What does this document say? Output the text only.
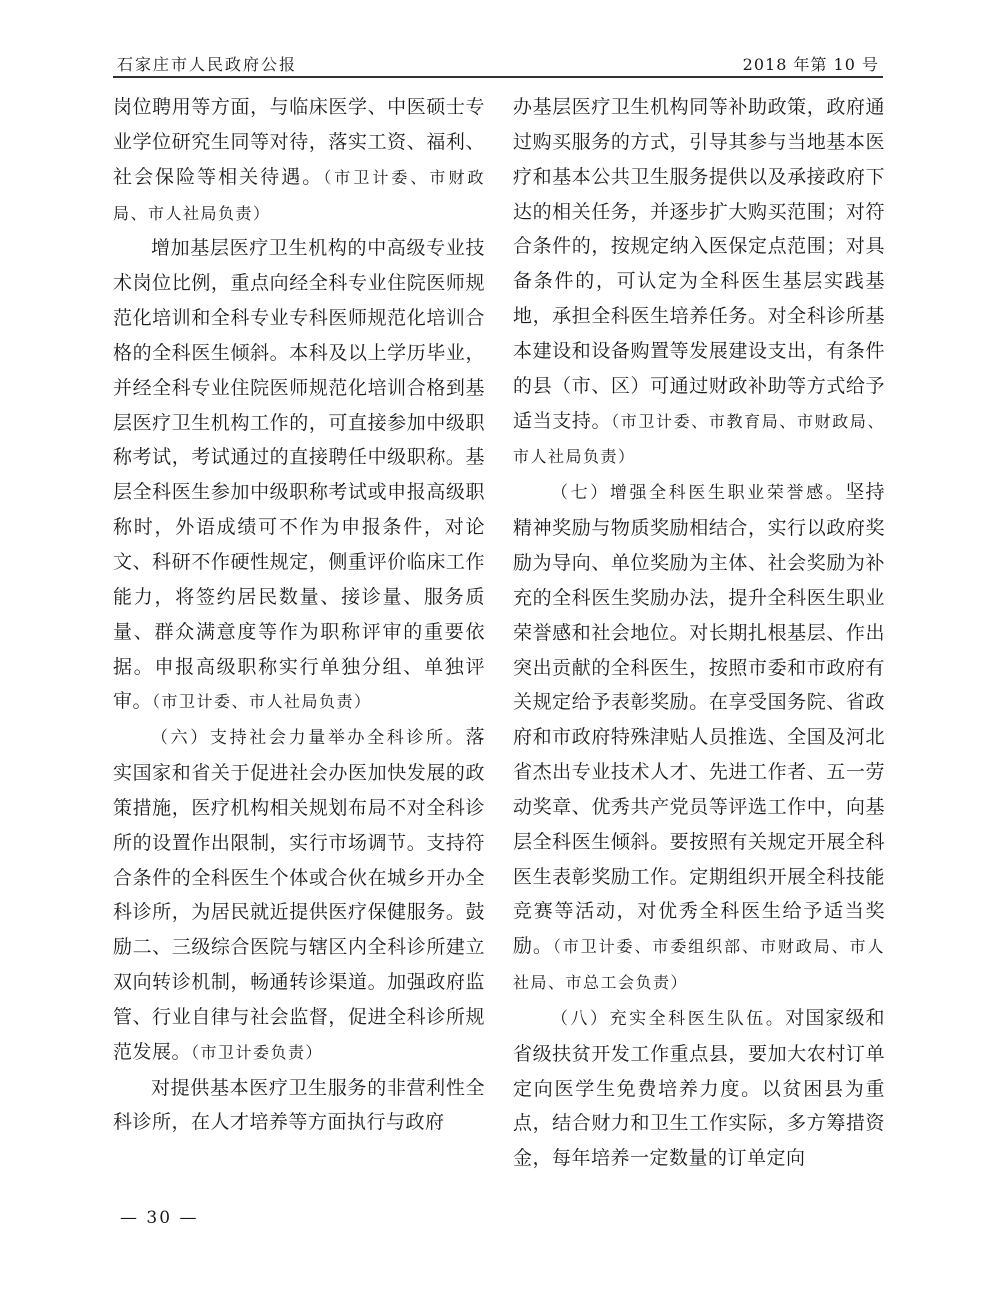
石家庄市人民政府公报	2018 年第 10 号

岗位聘用等方面，与临床医学、中医硕士专业学位研究生同等对待，落实工资、福利、社会保险等相关待遇。（市卫计委、市财政局、市人社局负责）

增加基层医疗卫生机构的中高级专业技术岗位比例，重点向经全科专业住院医师规范化培训和全科专业专科医师规范化培训合格的全科医生倾斜。本科及以上学历毕业，并经全科专业住院医师规范化培训合格到基层医疗卫生机构工作的，可直接参加中级职称考试，考试通过的直接聘任中级职称。基层全科医生参加中级职称考试或申报高级职称时，外语成绩可不作为申报条件，对论文、科研不作硬性规定，侧重评价临床工作能力，将签约居民数量、接诊量、服务质量、群众满意度等作为职称评审的重要依据。申报高级职称实行单独分组、单独评审。（市卫计委、市人社局负责）

（六）支持社会力量举办全科诊所。落实国家和省关于促进社会办医加快发展的政策措施，医疗机构相关规划布局不对全科诊所的设置作出限制，实行市场调节。支持符合条件的全科医生个体或合伙在城乡开办全科诊所，为居民就近提供医疗保健服务。鼓励二、三级综合医院与辖区内全科诊所建立双向转诊机制，畅通转诊渠道。加强政府监管、行业自律与社会监督，促进全科诊所规范发展。（市卫计委负责）

对提供基本医疗卫生服务的非营利性全科诊所，在人才培养等方面执行与政府

办基层医疗卫生机构同等补助政策，政府通过购买服务的方式，引导其参与当地基本医疗和基本公共卫生服务提供以及承接政府下达的相关任务，并逐步扩大购买范围；对符合条件的，按规定纳入医保定点范围；对具备条件的，可认定为全科医生基层实践基地，承担全科医生培养任务。对全科诊所基本建设和设备购置等发展建设支出，有条件的县（市、区）可通过财政补助等方式给予适当支持。（市卫计委、市教育局、市财政局、市人社局负责）

（七）增强全科医生职业荣誉感。坚持精神奖励与物质奖励相结合，实行以政府奖励为导向、单位奖励为主体、社会奖励为补充的全科医生奖励办法，提升全科医生职业荣誉感和社会地位。对长期扎根基层、作出突出贡献的全科医生，按照市委和市政府有关规定给予表彰奖励。在享受国务院、省政府和市政府特殊津贴人员推选、全国及河北省杰出专业技术人才、先进工作者、五一劳动奖章、优秀共产党员等评选工作中，向基层全科医生倾斜。要按照有关规定开展全科医生表彰奖励工作。定期组织开展全科技能竞赛等活动，对优秀全科医生给予适当奖励。（市卫计委、市委组织部、市财政局、市人社局、市总工会负责）

（八）充实全科医生队伍。对国家级和省级扶贫开发工作重点县，要加大农村订单定向医学生免费培养力度。以贫困县为重点，结合财力和卫生工作实际，多方筹措资金，每年培养一定数量的订单定向

— 30 —
